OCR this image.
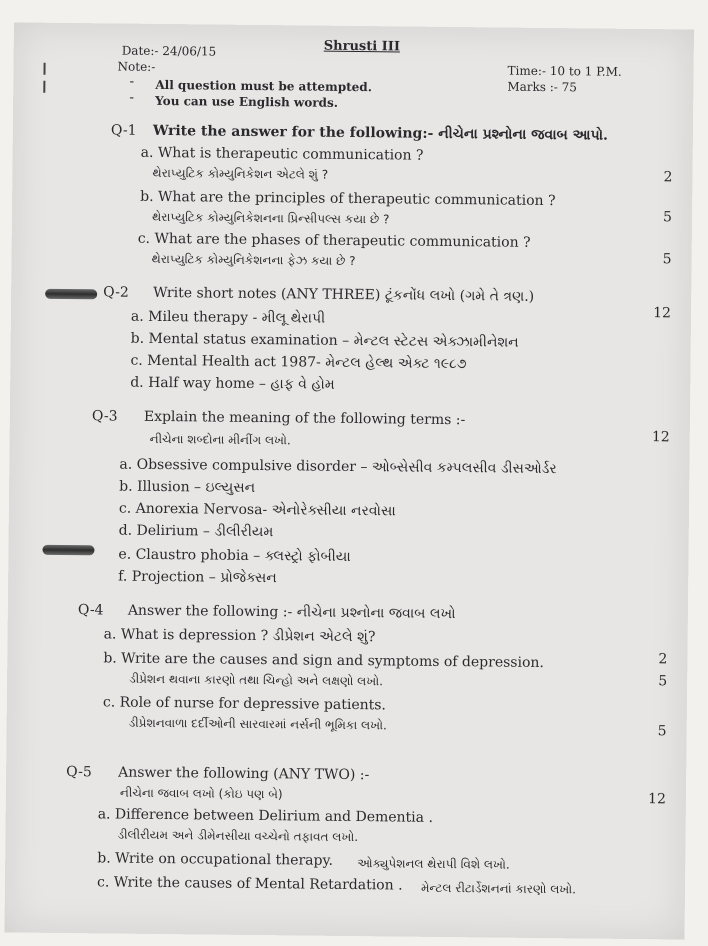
Date:- 24/06/15	Shrusti III
Note:-	Time:- 10 to 1 P.M.
Marks :- 75
- All question must be attempted.
- You can use English words.
Q-1 Write the answer for the following:- નીચેના પ્રશ્નોના જવાબ આપો.
a. What is therapeutic communication ?
થેરાપ્યુટિક કોમ્યુનિકેશન એટલે શું ?	2
b. What are the principles of therapeutic communication ?
થેરાપ્યુટિક કોમ્યુનિકેશનના પ્રિન્સીપલ્સ કયા છે ?	5
c. What are the phases of therapeutic communication ?
થેરાપ્યુટિક કોમ્યુનિકેશનના ફેઝ કયા છે ?	5
Q-2 Write short notes (ANY THREE) ટૂંકનોંધ લખો (ગમે તે ત્રણ.)
12
a. Mileu therapy - મીલૂ થેરાપી
b. Mental status examination – મેન્ટલ સ્ટેટસ એક્ઝામીનેશન
c. Mental Health act 1987- મેન્ટલ હેલ્થ એક્ટ ૧૯૮૭
d. Half way home – હાફ વે હોમ
Q-3 Explain the meaning of the following terms :-
નીચેના શબ્દોના મીનીંગ લખો.	12
a. Obsessive compulsive disorder – ઓબ્સેસીવ કમ્પલસીવ ડીસઓર્ડર
b. Illusion – ઇલ્યુસન
c. Anorexia Nervosa- એનોરેક્સીયા નરવોસા
d. Delirium – ડીલીરીયમ
e. Claustro phobia – ક્લસ્ટ્રો ફોબીયા
f. Projection – પ્રોજેક્સન
Q-4 Answer the following :- નીચેના પ્રશ્નોના જવાબ લખો
a. What is depression ? ડીપ્રેશન એટલે શું?
2
b. Write are the causes and sign and symptoms of depression.
ડીપ્રેશન થવાના કારણો તથા ચિન્હો અને લક્ષણો લખો.	5
c. Role of nurse for depressive patients.
ડીપ્રેશનવાળા દર્દીઓની સારવારમાં નર્સની ભૂમિકા લખો.	5
Q-5 Answer the following (ANY TWO) :-
નીચેના જવાબ લખો (કોઇ પણ બે)	12
a. Difference between Delirium and Dementia .
ડીલીરીયમ અને ડીમેનસીયા વચ્ચેનો તફાવત લખો.
b. Write on occupational therapy. ઓક્યુપેશનલ થેરાપી વિશે લખો.
c. Write the causes of Mental Retardation . મેન્ટલ રીટાર્ડેશનનાં કારણો લખો.
